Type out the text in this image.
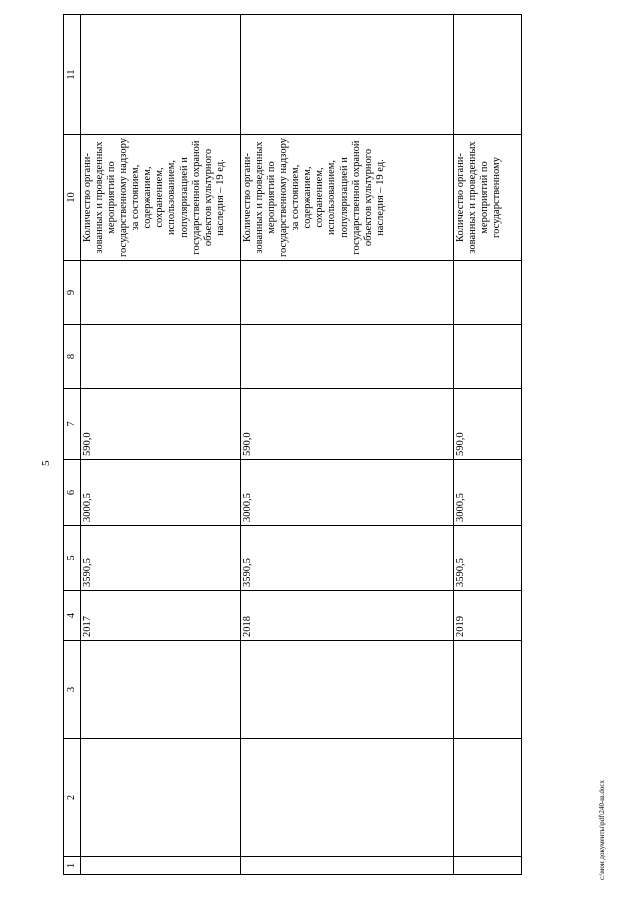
5
1	2	3	4	5	6	7	8	9	10	11
			2017	3590,5	3000,5	590,0			Количество органи-зованных и проведенных мероприятий по государственному надзору за состоянием, содержанием, сохранением, использованием, популяризацией и государственной охраной объектов культурного наследия – 19 ед.	
			2018	3590,5	3000,5	590,0			Количество органи-зованных и проведенных мероприятий по государственному надзору за состоянием, содержанием, сохранением, использованием, популяризацией и государственной охраной объектов культурного наследия – 19 ед.	
			2019	3590,5	3000,5	590,0			Количество органи-зованных и проведенных мероприятий по государственному	
c:\мои документы\pdf\240-ш.docx
